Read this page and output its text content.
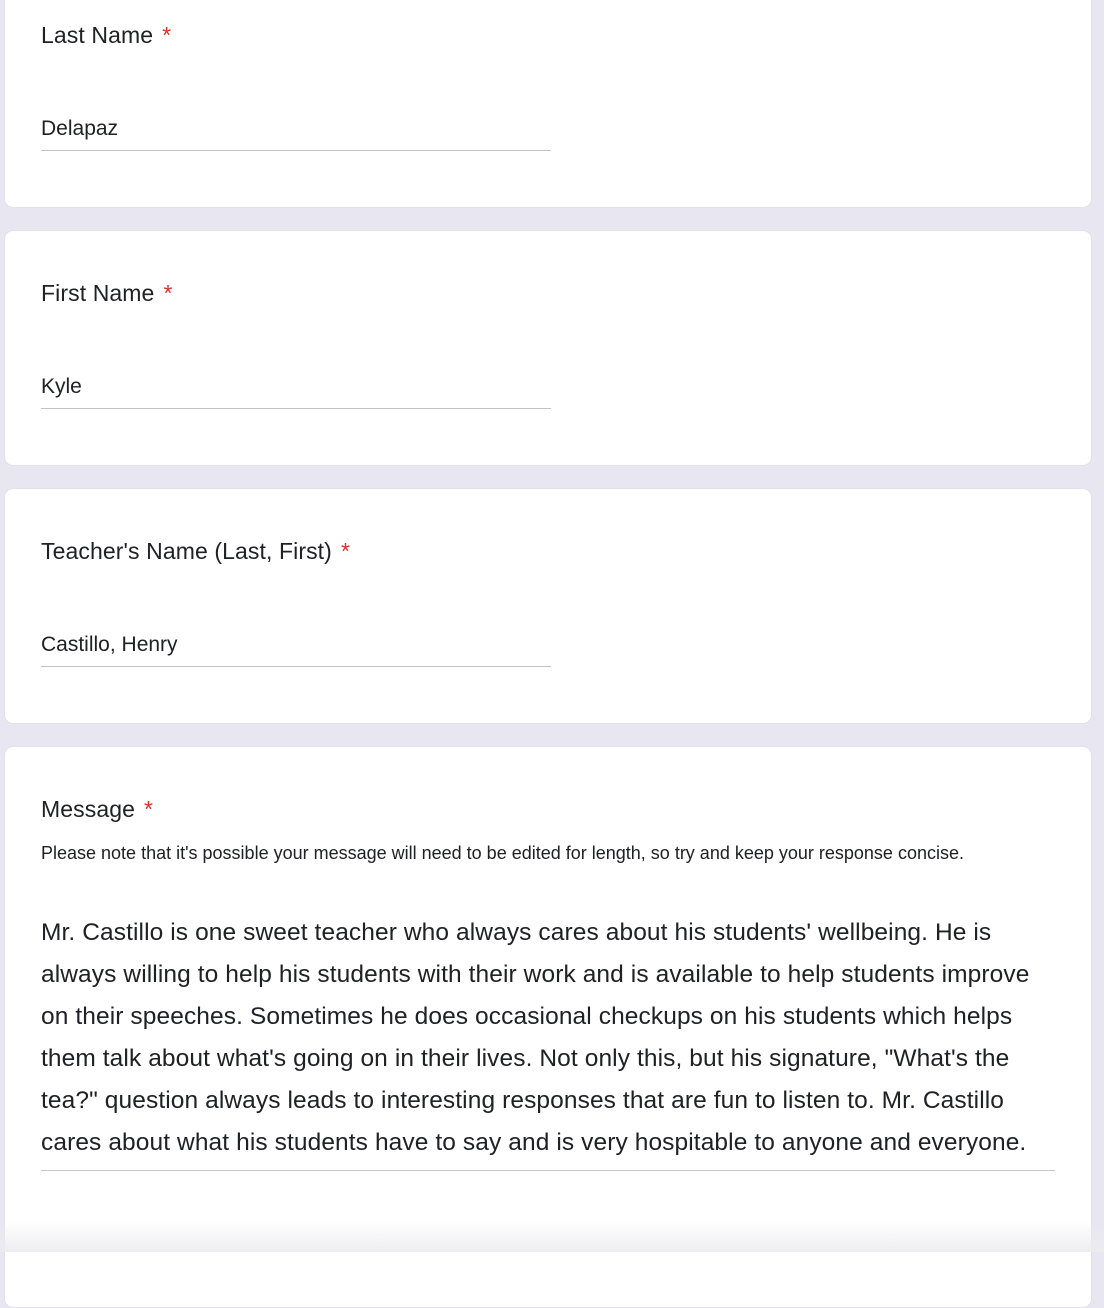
Last Name *
Delapaz
First Name *
Kyle
Teacher's Name (Last, First) *
Castillo, Henry
Message *
Please note that it's possible your message will need to be edited for length, so try and keep your response concise.
Mr. Castillo is one sweet teacher who always cares about his students' wellbeing. He is always willing to help his students with their work and is available to help students improve on their speeches. Sometimes he does occasional checkups on his students which helps them talk about what's going on in their lives. Not only this, but his signature, "What's the tea?" question always leads to interesting responses that are fun to listen to. Mr. Castillo cares about what his students have to say and is very hospitable to anyone and everyone.
